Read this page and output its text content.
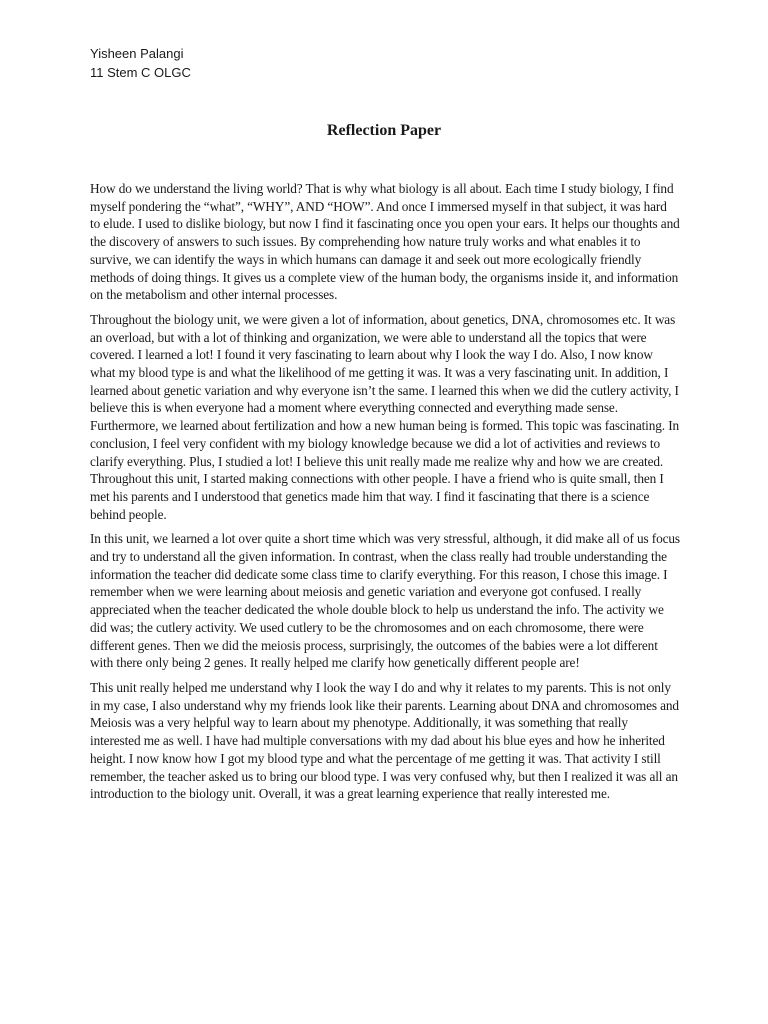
Yisheen Palangi
11 Stem C OLGC
Reflection Paper

How do we understand the living world? That is why what biology is all about. Each time I study biology, I find myself pondering the “what”, “WHY”, AND “HOW”. And once I immersed myself in that subject, it was hard to elude. I used to dislike biology, but now I find it fascinating once you open your ears. It helps our thoughts and the discovery of answers to such issues. By comprehending how nature truly works and what enables it to survive, we can identify the ways in which humans can damage it and seek out more ecologically friendly methods of doing things. It gives us a complete view of the human body, the organisms inside it, and information on the metabolism and other internal processes.

Throughout the biology unit, we were given a lot of information, about genetics, DNA, chromosomes etc. It was an overload, but with a lot of thinking and organization, we were able to understand all the topics that were covered. I learned a lot! I found it very fascinating to learn about why I look the way I do. Also, I now know what my blood type is and what the likelihood of me getting it was. It was a very fascinating unit. In addition, I learned about genetic variation and why everyone isn’t the same. I learned this when we did the cutlery activity, I believe this is when everyone had a moment where everything connected and everything made sense. Furthermore, we learned about fertilization and how a new human being is formed. This topic was fascinating. In conclusion, I feel very confident with my biology knowledge because we did a lot of activities and reviews to clarify everything. Plus, I studied a lot! I believe this unit really made me realize why and how we are created. Throughout this unit, I started making connections with other people. I have a friend who is quite small, then I met his parents and I understood that genetics made him that way. I find it fascinating that there is a science behind people.

In this unit, we learned a lot over quite a short time which was very stressful, although, it did make all of us focus and try to understand all the given information. In contrast, when the class really had trouble understanding the information the teacher did dedicate some class time to clarify everything. For this reason, I chose this image. I remember when we were learning about meiosis and genetic variation and everyone got confused. I really appreciated when the teacher dedicated the whole double block to help us understand the info. The activity we did was; the cutlery activity. We used cutlery to be the chromosomes and on each chromosome, there were different genes. Then we did the meiosis process, surprisingly, the outcomes of the babies were a lot different with there only being 2 genes. It really helped me clarify how genetically different people are!

This unit really helped me understand why I look the way I do and why it relates to my parents. This is not only in my case, I also understand why my friends look like their parents. Learning about DNA and chromosomes and Meiosis was a very helpful way to learn about my phenotype. Additionally, it was something that really interested me as well. I have had multiple conversations with my dad about his blue eyes and how he inherited height. I now know how I got my blood type and what the percentage of me getting it was. That activity I still remember, the teacher asked us to bring our blood type. I was very confused why, but then I realized it was all an introduction to the biology unit. Overall, it was a great learning experience that really interested me.
